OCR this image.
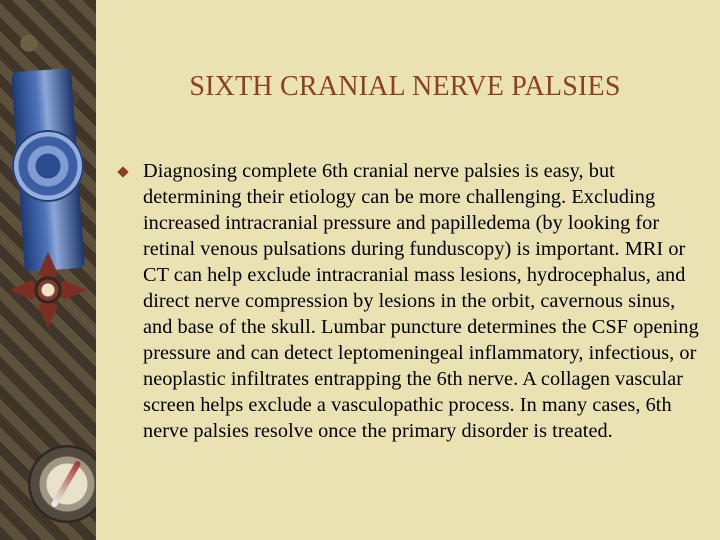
SIXTH CRANIAL NERVE PALSIES
Diagnosing complete 6th cranial nerve palsies is easy, but determining their etiology can be more challenging. Excluding increased intracranial pressure and papilledema (by looking for retinal venous pulsations during funduscopy) is important. MRI or CT can help exclude intracranial mass lesions, hydrocephalus, and direct nerve compression by lesions in the orbit, cavernous sinus, and base of the skull. Lumbar puncture determines the CSF opening pressure and can detect leptomeningeal inflammatory, infectious, or neoplastic infiltrates entrapping the 6th nerve. A collagen vascular screen helps exclude a vasculopathic process. In many cases, 6th nerve palsies resolve once the primary disorder is treated.
